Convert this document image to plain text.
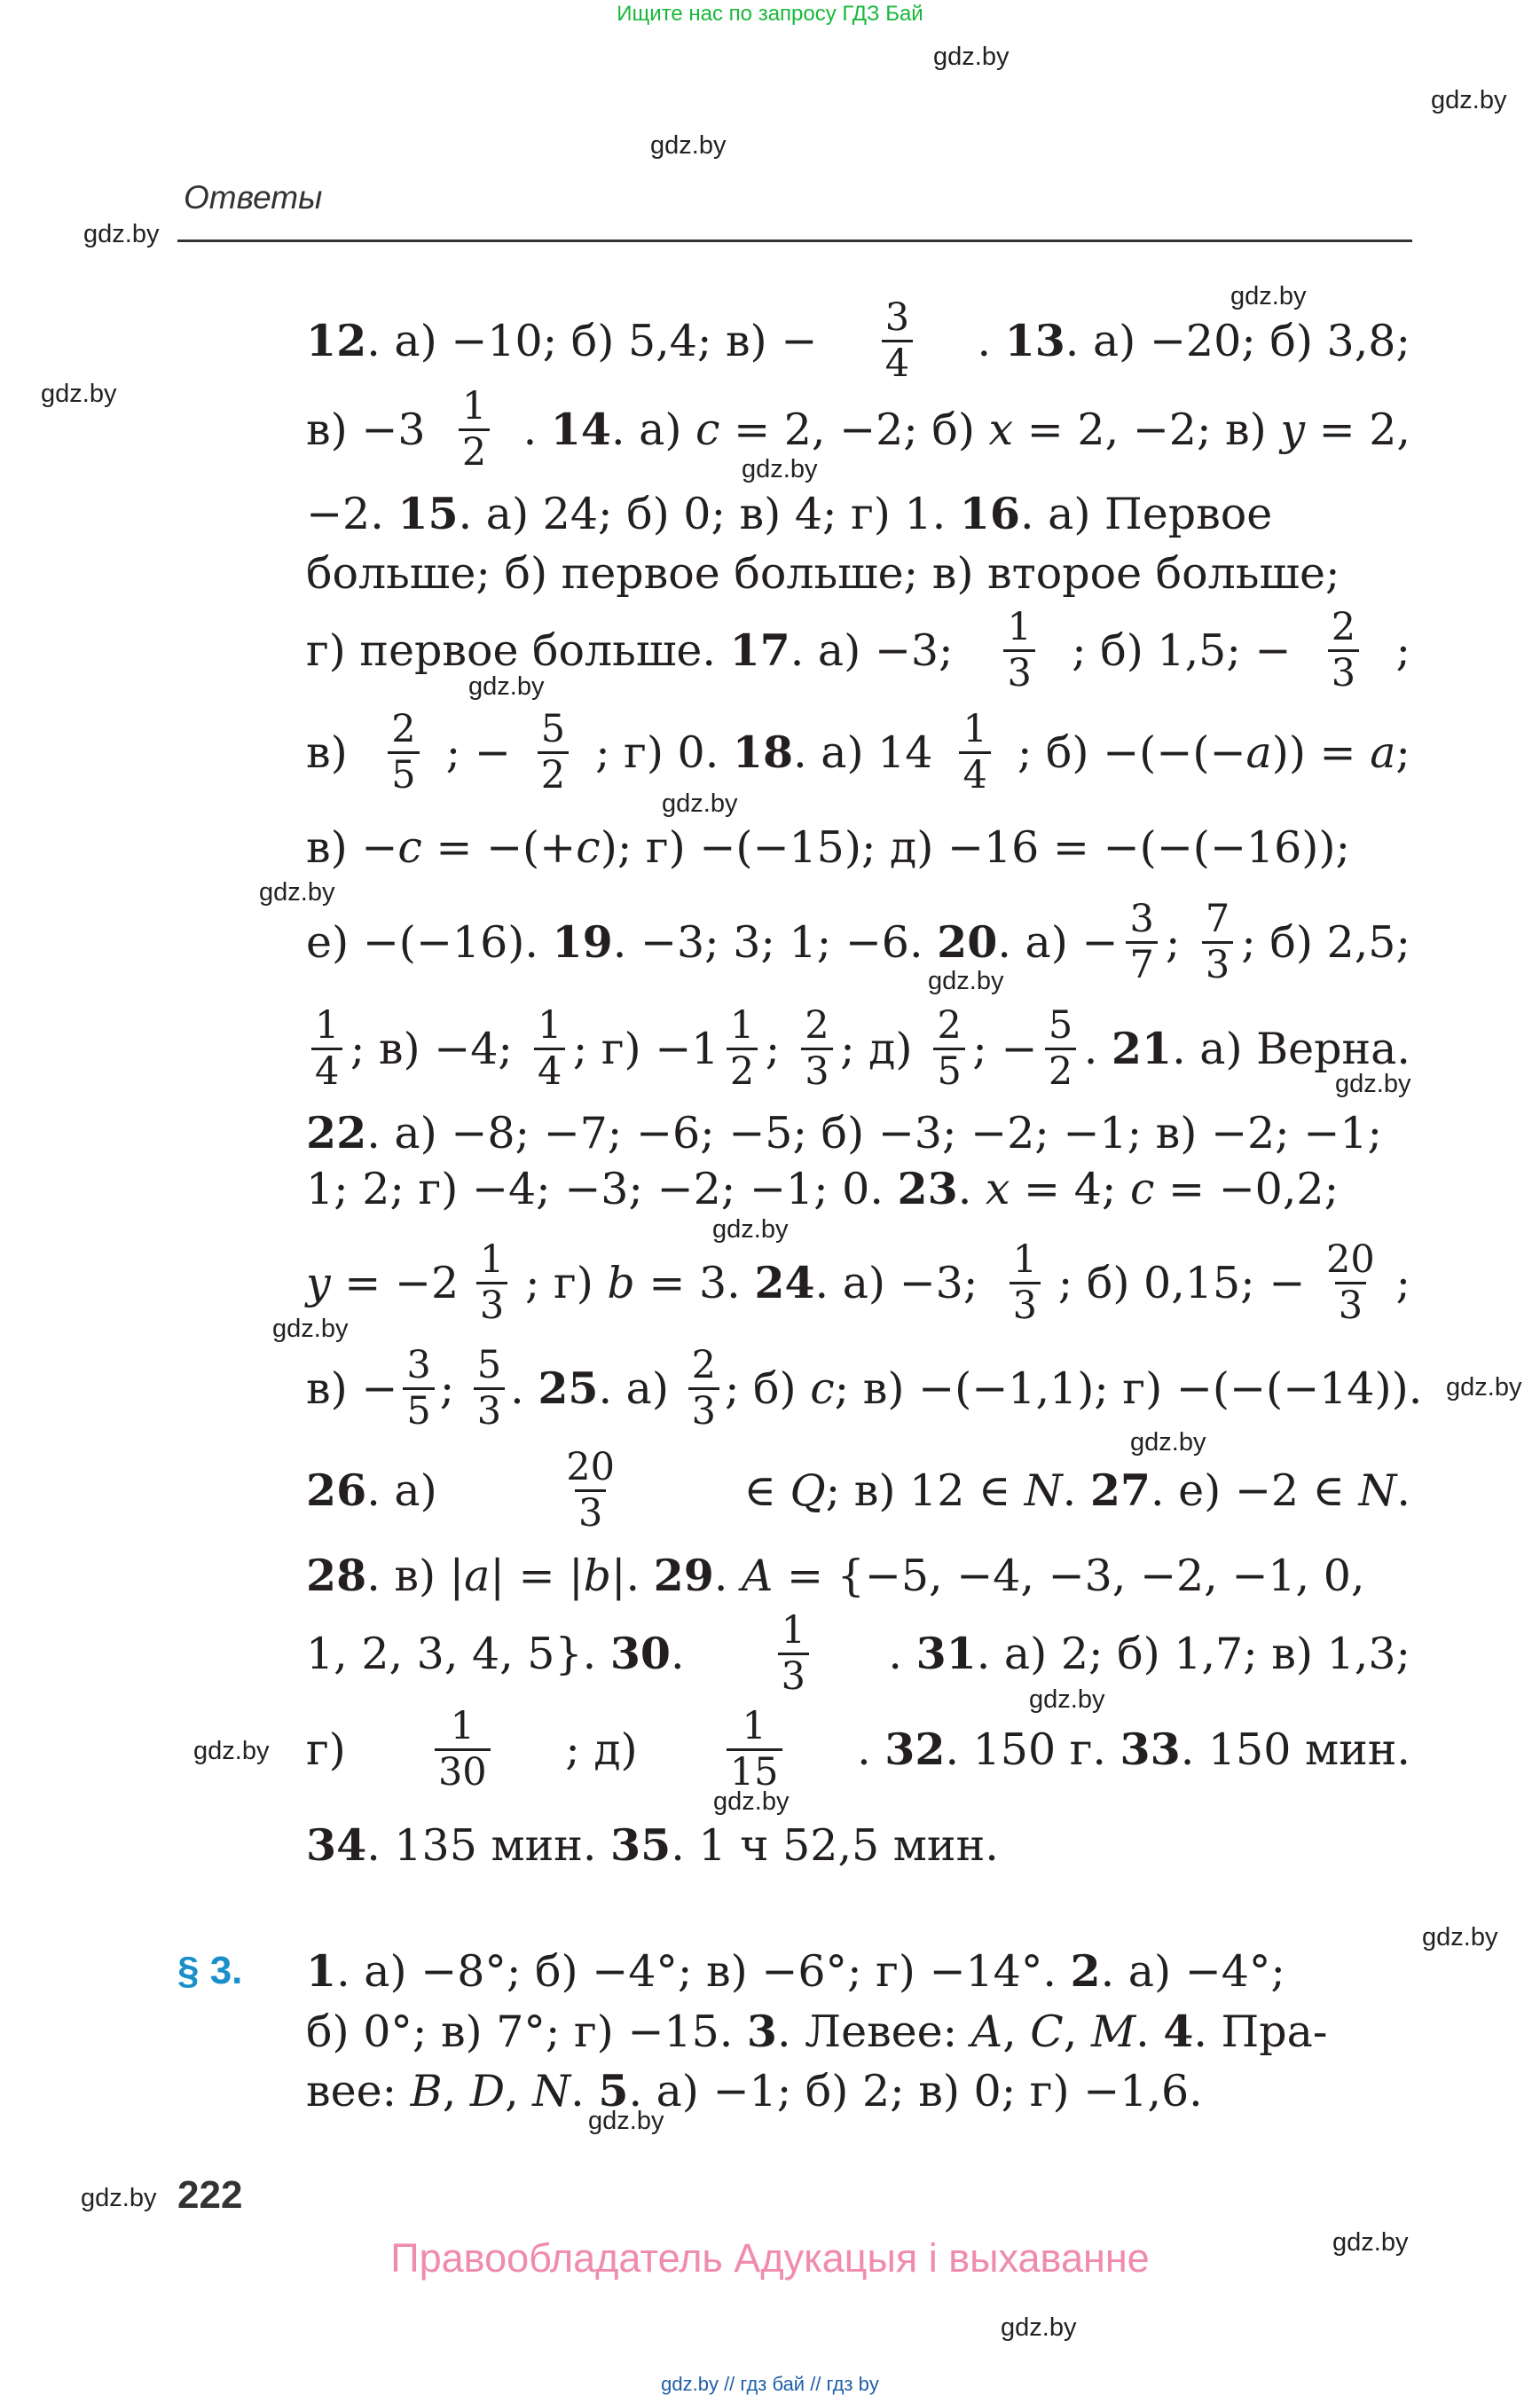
Ищите нас по запросу ГДЗ Бай
gdz.by
gdz.by
gdz.by
gdz.by
gdz.by
gdz.by
gdz.by
gdz.by
gdz.by
gdz.by
gdz.by
gdz.by
gdz.by
gdz.by
gdz.by
gdz.by
gdz.by
gdz.by
gdz.by
gdz.by
gdz.by
gdz.by
gdz.by
gdz.by
Ответы
12. а) −10; б) 5,4; $в) - \frac{3}{4}$ . 13. а) −20; б) 3,8;
$в) -3 \frac{1}{2}$ . 14. а) c = 2, −2; б) x = 2, −2; в) y = 2,
−2. 15. а) 24; б) 0; в) 4; г) 1. 16. а) Первое
больше; б) первое больше; в) второе больше;
г) первое больше. 17. а) −3; $\frac{1}{3}$ ; б) 1,5; − $\frac{2}{3}$ ;
$в) \frac{2}{5}$ ; − $\frac{5}{2}$ ; г) 0. 18. а) $14 \frac{1}{4}$ ; б) −(−(−a)) = a;
в) −c = −(+c); г) −(−15); д) −16 = −(−(−16));
е) −(−16). 19. −3; 3; 1; −6. 20. $а) - \frac{3}{7}$ ; $\frac{7}{3}$ ; б) 2,5;
$\frac{1}{4}$ ; в) −4; $\frac{1}{4}$ ; $г) -1 \frac{1}{2}$ ; $\frac{2}{3}$ ; $д) \frac{2}{5}$ ; − $\frac{5}{2}$ . 21. а) Верна.
22. а) −8; −7; −6; −5; б) −3; −2; −1; в) −2; −1;
1; 2; г) −4; −3; −2; −1; 0. 23. x = 4; c = −0,2;
$y = -2 \frac{1}{3}$ ; г) b = 3. 24. а) −3; $\frac{1}{3}$ ; б) 0,15; − $\frac{20}{3}$ ;
$в) - \frac{3}{5}$ ; $\frac{5}{3}$ . 25. $а) \frac{2}{3}$ ; б) c; в) −(−1,1); г) −(−(−14)).
26. а)	$\frac{20}{3}$	∈ Q; в) 12 ∈ N. 27. е) −2 ∈ N.
28. в) |a| = |b|. 29. A = {−5, −4, −3, −2, −1, 0,
1, 2, 3, 4, 5}. 30. $\frac{1}{3}$ . 31. а) 2; б) 1,7; в) 1,3;
$г) \frac{1}{30}$ ; $д) \frac{1}{15}$ . 32. 150 г. 33. 150 мин.
34. 135 мин. 35. 1 ч 52,5 мин.
§ 3. 1. а) −8°; б) −4°; в) −6°; г) −14°. 2. а) −4°;
б) 0°; в) 7°; г) −15. 3. Левее: A, C, M. 4. Пра-
вее: B, D, N. 5. а) −1; б) 2; в) 0; г) −1,6.
222
Правообладатель Адукацыя і выхаванне
gdz.by // гдз бай // гдз by
